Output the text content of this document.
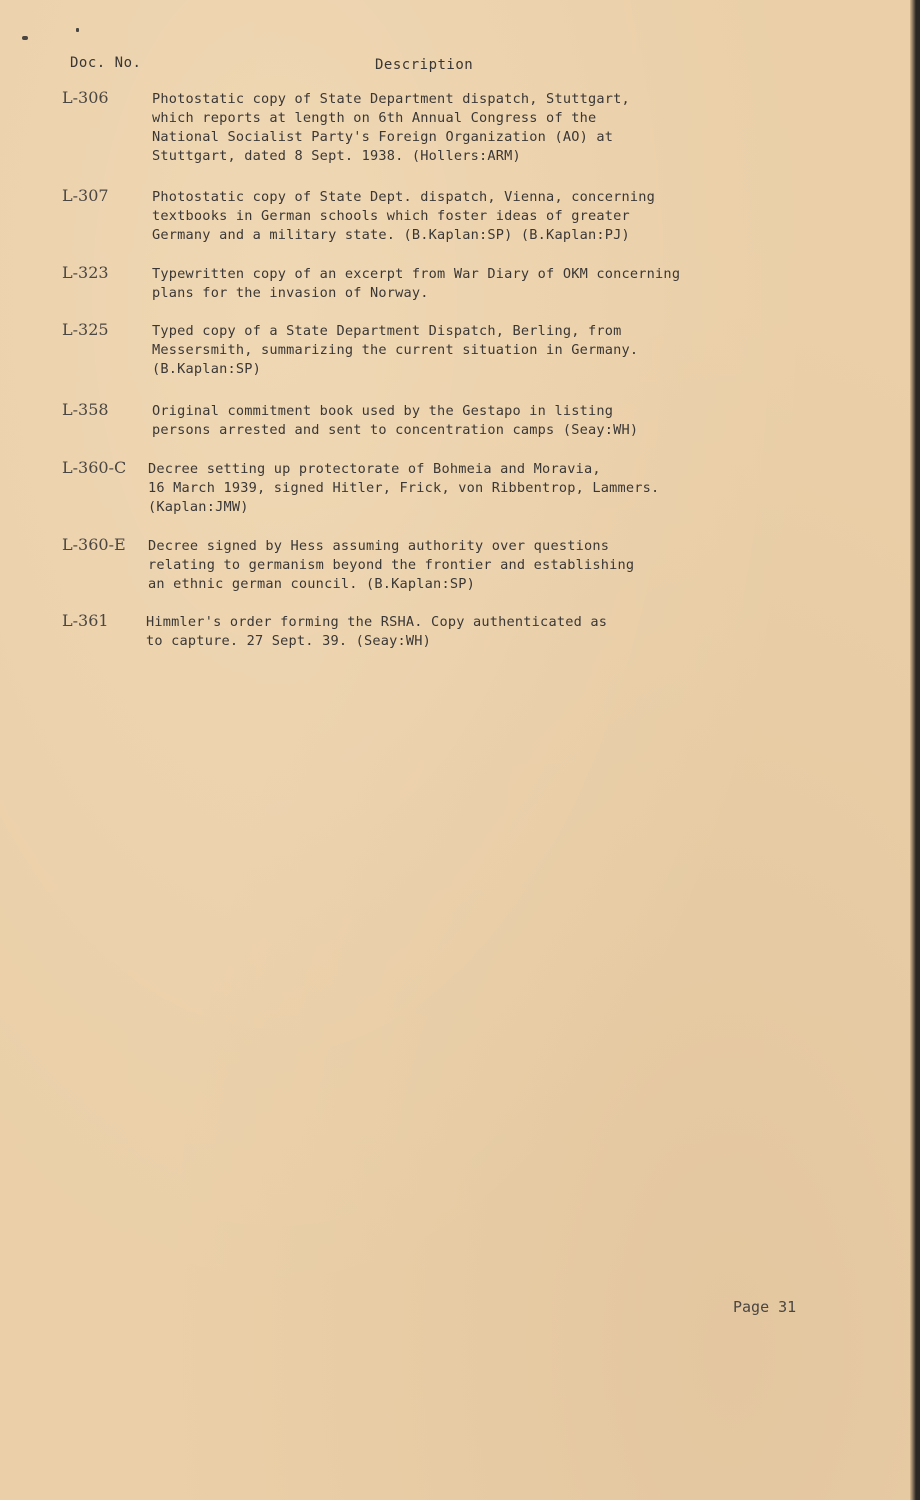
Doc. No.	Description
L-306	Photostatic copy of State Department dispatch, Stuttgart,
which reports at length on 6th Annual Congress of the
National Socialist Party's Foreign Organization (AO) at
Stuttgart, dated 8 Sept. 1938. (Hollers:ARM)
L-307	Photostatic copy of State Dept. dispatch, Vienna, concerning
textbooks in German schools which foster ideas of greater
Germany and a military state. (B.Kaplan:SP) (B.Kaplan:PJ)
L-323	Typewritten copy of an excerpt from War Diary of OKM concerning
plans for the invasion of Norway.
L-325	Typed copy of a State Department Dispatch, Berling, from
Messersmith, summarizing the current situation in Germany.
(B.Kaplan:SP)
L-358	Original commitment book used by the Gestapo in listing
persons arrested and sent to concentration camps (Seay:WH)
L-360-C Decree setting up protectorate of Bohmeia and Moravia,
16 March 1939, signed Hitler, Frick, von Ribbentrop, Lammers.
(Kaplan:JMW)
L-360-E Decree signed by Hess assuming authority over questions
relating to germanism beyond the frontier and establishing
an ethnic german council. (B.Kaplan:SP)
L-361	Himmler's order forming the RSHA. Copy authenticated as
to capture. 27 Sept. 39. (Seay:WH)
Page 31
